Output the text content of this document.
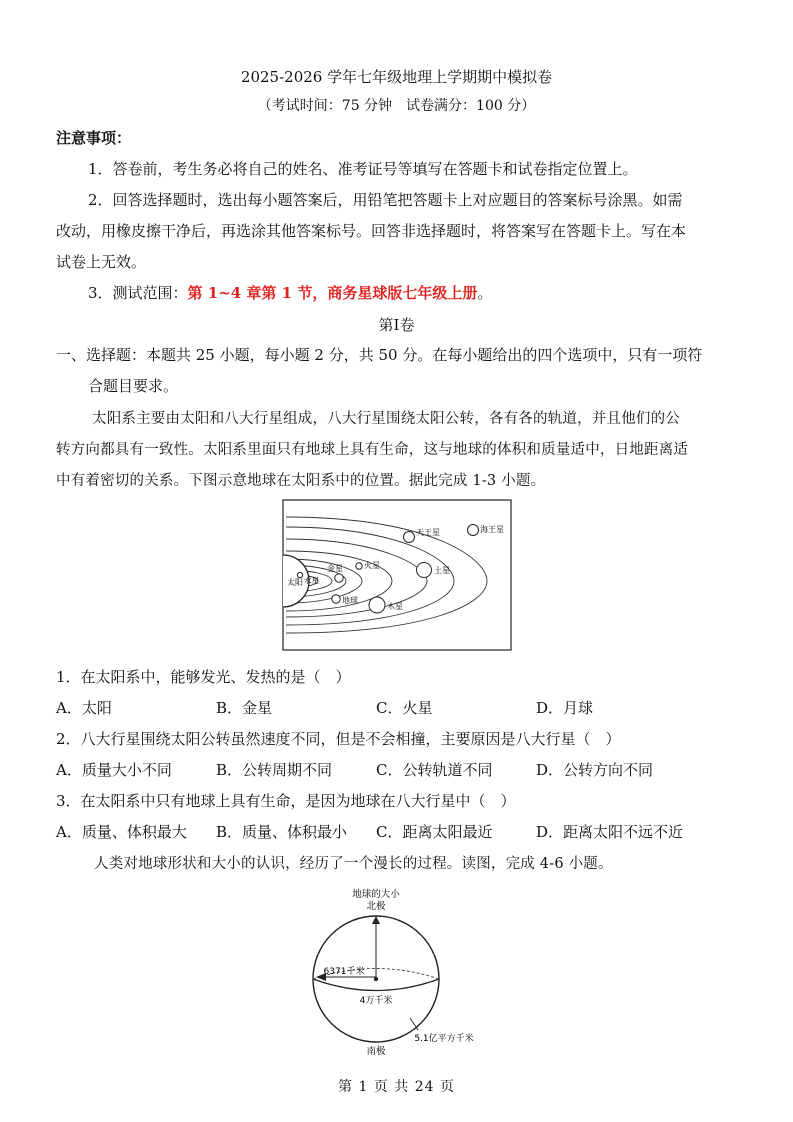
2025-2026 学年七年级地理上学期期中模拟卷
（考试时间：75 分钟　试卷满分：100 分）
注意事项：
1．答卷前，考生务必将自己的姓名、准考证号等填写在答题卡和试卷指定位置上。
2．回答选择题时，选出每小题答案后，用铅笔把答题卡上对应题目的答案标号涂黑。如需
改动，用橡皮擦干净后，再选涂其他答案标号。回答非选择题时，将答案写在答题卡上。写在本
试卷上无效。
3．测试范围：第 1~4 章第 1 节，商务星球版七年级上册。
第Ⅰ卷
一、选择题：本题共 25 小题，每小题 2 分，共 50 分。在每小题给出的四个选项中，只有一项符
合题目要求。
太阳系主要由太阳和八大行星组成，八大行星围绕太阳公转，各有各的轨道，并且他们的公
转方向都具有一致性。太阳系里面只有地球上具有生命，这与地球的体积和质量适中，日地距离适
中有着密切的关系。下图示意地球在太阳系中的位置。据此完成 1-3 小题。
太阳 水星
金星	火星
地球
木星
土星
天王星	海王星
1．在太阳系中，能够发光、发热的是（　）
A．太阳	B．金星	C．火星	D．月球
2．八大行星围绕太阳公转虽然速度不同，但是不会相撞，主要原因是八大行星（　）
A．质量大小不同	B．公转周期不同	C．公转轨道不同	D．公转方向不同
3．在太阳系中只有地球上具有生命，是因为地球在八大行星中（　）
A．质量、体积最大 B．质量、体积最小 C．距离太阳最近	D．距离太阳不远不近
人类对地球形状和大小的认识，经历了一个漫长的过程。读图，完成 4-6 小题。
地球的大小
北极
6371千米
4万千米
5.1亿平方千米
南极
第 1 页 共 24 页
